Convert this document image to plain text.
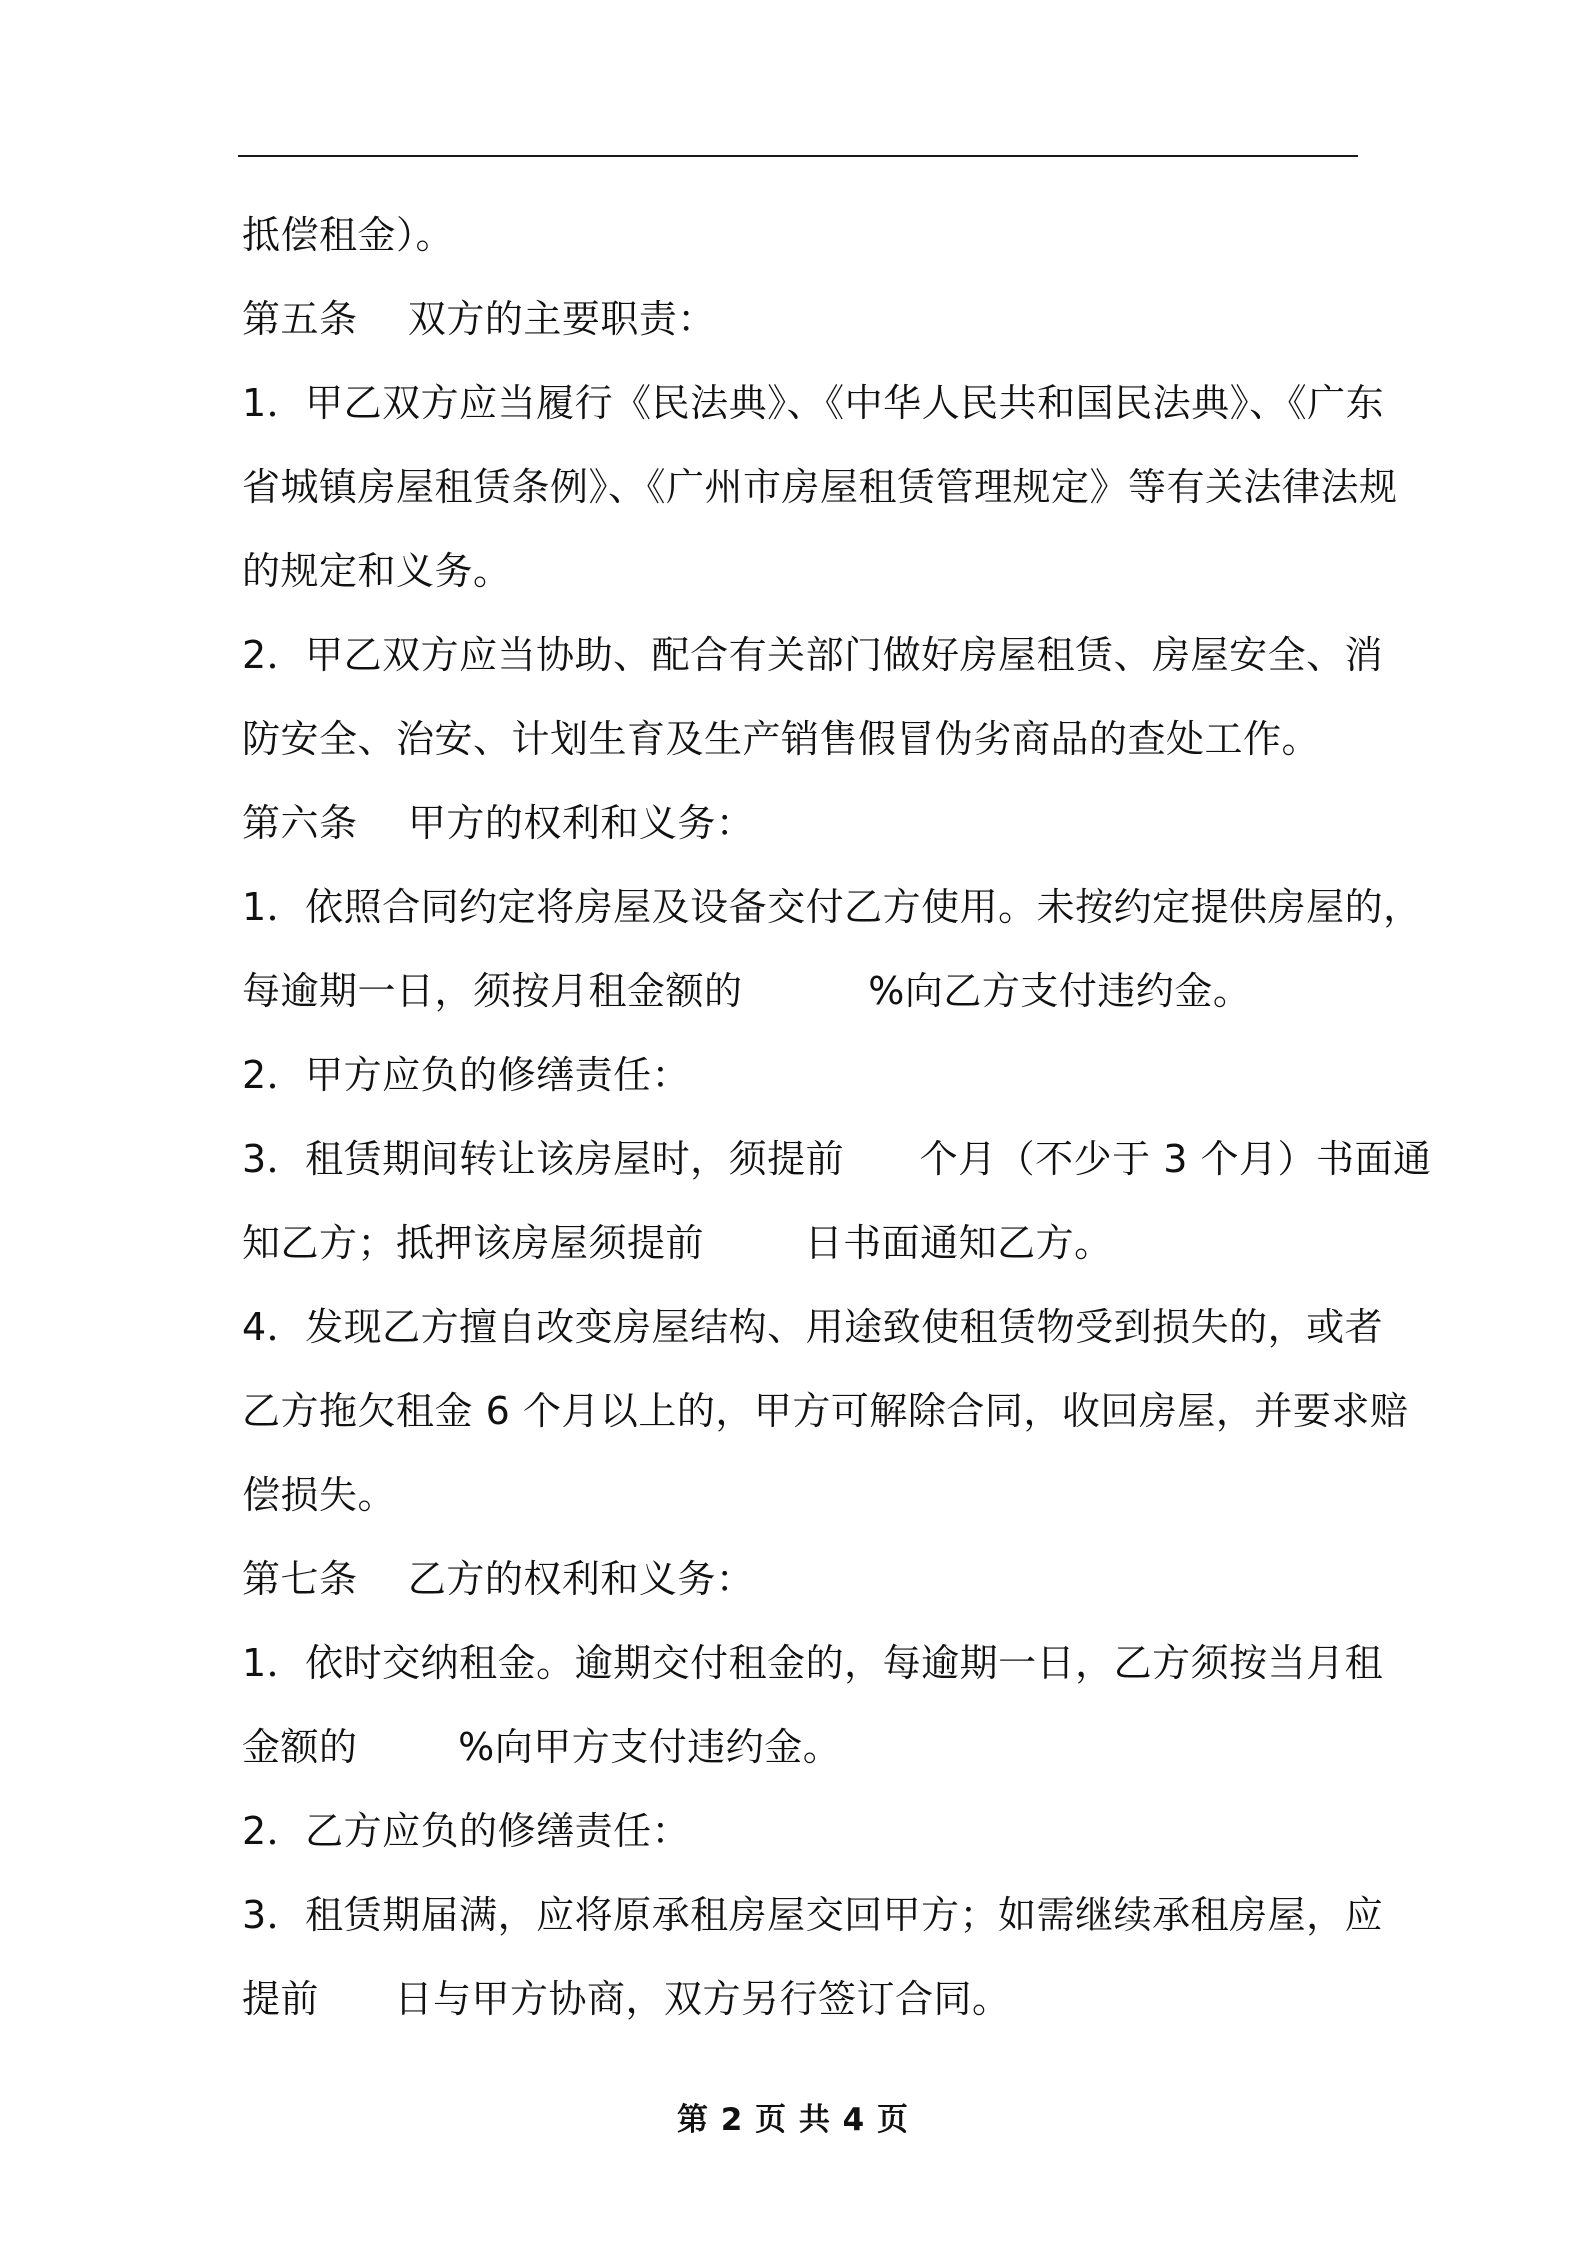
抵偿租金）。
第五条    双方的主要职责：
1．甲乙双方应当履行《民法典》、《中华人民共和国民法典》、《广东
省城镇房屋租赁条例》、《广州市房屋租赁管理规定》等有关法律法规
的规定和义务。
2．甲乙双方应当协助、配合有关部门做好房屋租赁、房屋安全、消
防安全、治安、计划生育及生产销售假冒伪劣商品的查处工作。
第六条    甲方的权利和义务：
1．依照合同约定将房屋及设备交付乙方使用。未按约定提供房屋的，
每逾期一日，须按月租金额的          %向乙方支付违约金。
2．甲方应负的修缮责任：
3．租赁期间转让该房屋时，须提前      个月（不少于 3 个月）书面通
知乙方；抵押该房屋须提前        日书面通知乙方。
4．发现乙方擅自改变房屋结构、用途致使租赁物受到损失的，或者
乙方拖欠租金 6 个月以上的，甲方可解除合同，收回房屋，并要求赔
偿损失。
第七条    乙方的权利和义务：
1．依时交纳租金。逾期交付租金的，每逾期一日，乙方须按当月租
金额的        %向甲方支付违约金。
2．乙方应负的修缮责任：
3．租赁期届满，应将原承租房屋交回甲方；如需继续承租房屋，应
提前      日与甲方协商，双方另行签订合同。
第 2 页 共 4 页
